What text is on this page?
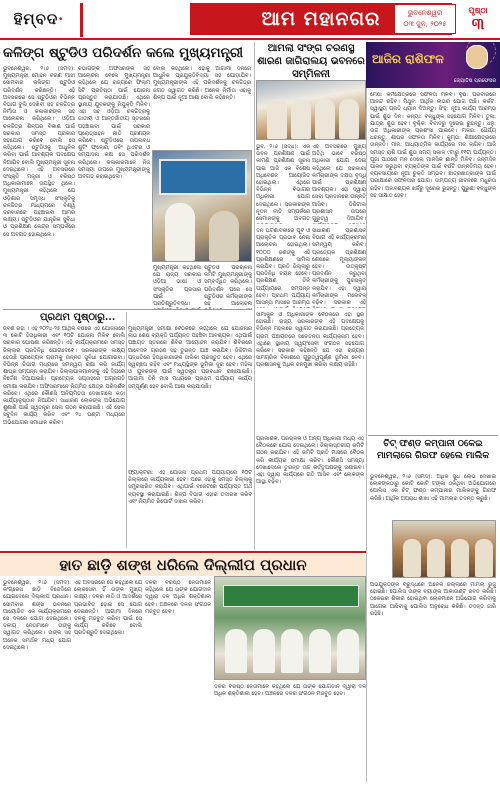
ହିମ୍ବଦ ·	ଆମ ମହାନଗର	ଭୁବନେଶ୍ୱର
୦୩ ଜୁନ, ୨୦୨୫
ପୃଷ୍ଠା
୩
କଳିଙ୍ଗ ଷ୍ଟୁଡିଓ ପରିଦର୍ଶନ କଲେ ମୁଖ୍ୟମନ୍ତ୍ରୀ
ଭୁବନେଶ୍ୱର, ୨।୬ (ସମିଦ): ମୁଖ୍ୟମନ୍ତ୍ରୀ ମୋହନ ଚରଣ ମାଝୀ ସୋମବାର କଳିଙ୍ଗ ଷ୍ଟୁଡିଓ ପରିଦର୍ଶନ କରିଛନ୍ତି। ଏହି ଅବସରରେ ସେ ଷ୍ଟୁଡିଓର ବିଭିନ୍ନ ବିଭାଗ ବୁଲି ଦେଖିବା ସହ ଚଳଚ୍ଚିତ୍ର ନିର୍ମାତା ଓ କଳାକାରଙ୍କ ସହ ଆଲୋଚନା କରିଥିଲେ। ଓଡ଼ିଆ ଚଳଚ୍ଚିତ୍ର ଶିଳ୍ପର ବିକାଶ ପାଇଁ ସରକାର ସମସ୍ତ ପ୍ରକାର ସହଯୋଗ କରିବେ ବୋଲି ସେ କହିଥିଲେ। ଷ୍ଟୁଡିଓକୁ ଆଧୁନିକ କରିବା ପାଇଁ ଆବଶ୍ୟକ ପଦକ୍ଷେପ ନିଆଯିବ ବୋଲି ମୁଖ୍ୟମନ୍ତ୍ରୀ ସୂଚନା ଦେଇଥିଲେ। ଏହି ଅବସରରେ ସଂସ୍କୃତି ମନ୍ତ୍ରୀ ଓ ବରିଷ୍ଠ ଅଧିକାରୀମାନେ ଉପସ୍ଥିତ ଥିଲେ। ମୁଖ୍ୟମନ୍ତ୍ରୀ କହିଥିଲେ ଯେ ଓଡ଼ିଶାର ସମୃଦ୍ଧ ସଂସ୍କୃତିକୁ ଚଳଚ୍ଚିତ୍ର ମାଧ୍ୟମରେ ବିଶ୍ୱ ଦରବାରରେ ପହଞ୍ଚାଇବା ଆମର ଲକ୍ଷ୍ୟ। ଷ୍ଟୁଡିଓର ଯାନ୍ତ୍ରିକ ସୁବିଧା ଓ ପ୍ରଶିକ୍ଷଣ କେନ୍ଦ୍ର ସମ୍ପର୍କରେ ସେ ଅବଗତ ହୋଇଥିଲେ।
ବିଭାଗିଙ୍କ ଅଫିସରଙ୍କ ସହ ଆଲୋଚନା ବେଳେ ମୁଖ୍ୟମନ୍ତ୍ରୀ କହିଥିଲେ ଯେ ରାଜ୍ୟରେ ଫିଲ୍ମ ସିଟି ପ୍ରତିଷ୍ଠା ପାଇଁ ଯୋଜନା ପ୍ରସ୍ତୁତ କରାଯାଉଛି। ଏଥିରେ ସ୍ଥାନୀୟ ଯୁବକଙ୍କୁ ନିଯୁକ୍ତି ମିଳିବ। ଏହା ସହ ଓଡ଼ିଆ ଚଳଚ୍ଚିତ୍ରକୁ ଜାତୀୟ ଓ ଆନ୍ତର୍ଜାତୀୟ ସ୍ତରରେ ପହଞ୍ଚାଇବା ପାଇଁ ସରକାର ପ୍ରୋତ୍ସାହନ ନୀତି ପ୍ରଣୟନ କରିବେ। ଷ୍ଟୁଡିଓରେ ଉପଲବ୍ଧ ଶୁଟିଂ ଫ୍ଲୋର, ଡବିଂ ଥିଏଟର ଓ ସମ୍ପାଦନା କକ୍ଷ ସେ ପରିଦର୍ଶନ କରିଥିଲେ। କଳାକାରମାନେ ନିଜ ସମସ୍ୟା ଉପରେ ମୁଖ୍ୟମନ୍ତ୍ରୀଙ୍କୁ ଅବଗତ କରାଇଥିଲେ।
ବୋଲି କହିଥିଲେ। ଏହାକୁ ଆଗାମୀ ଦିନରେ ଆଧୁନିକ ପ୍ରଯୁକ୍ତିବିଦ୍ୟା ସହ ଯୋଡ଼ାଯିବ। ମୁଖ୍ୟମନ୍ତ୍ରୀଙ୍କ ଏହି ପରିଦର୍ଶନକୁ ଚଳଚ୍ଚିତ୍ର ଜଗତ ସ୍ୱାଗତ କରିଛି। ଅନେକ ନିର୍ମାତା ଏହାକୁ ଶିଳ୍ପ ପାଇଁ ନୂଆ ଆଶା ବୋଲି କହିଛନ୍ତି।
ମୁଖ୍ୟମନ୍ତ୍ରୀ କହିଥିଲେ ଯେ ରାଜ୍ୟ ସରକାର ଓଡ଼ିଆ ଭାଷା ଓ ସଂସ୍କୃତିର ପ୍ରସାର ପାଇଁ ପ୍ରତିଶ୍ରୁତିବଦ୍ଧ।
ଷ୍ଟୁଡିଓ ପରିଚାଳନା କମିଟି ମୁଖ୍ୟମନ୍ତ୍ରୀଙ୍କୁ ସମ୍ବର୍ଦ୍ଧିତ କରିଥିଲେ। ପରିଦର୍ଶନ ପରେ ସେ ଷ୍ଟୁଡିଓର କର୍ମଚାରୀଙ୍କ ସହ ଆଲୋଚନା
ପ୍ରଥମ ପୃଷ୍ଠାରୁ...
ଜିବଣ ରିହା । ଏହି ୨୦୨୪-୨୫ ଆର୍ଥିକ ବର୍ଷରେ ଏହି ଯୋଜନାରେ ୩ କୋଟି ହିତାଧିକାରୀ ଏବଂ ୧୦ଟି ଯୋଜନା ମିଳିବ ବୋଲି ସରକାର ଘୋଷଣା କରିଛନ୍ତି। ଏହି କାର୍ଯ୍ୟକ୍ରମରେ ସମସ୍ତ ଜିଲ୍ଲାର ପ୍ରତିନିଧି ଯୋଗଦେବେ। ସରକାରଙ୍କ ଲକ୍ଷ୍ୟ ହେଉଛି ପ୍ରତ୍ୟେକ ଗ୍ରାମକୁ ଉନ୍ନତ ସୁବିଧା ଯୋଗାଇବା। ବିଭିନ୍ନ ବିଭାଗ ମଧ୍ୟରେ ସମନ୍ୱୟ ରକ୍ଷା କରି କାର୍ଯ୍ୟ ଶୀଘ୍ର ସମ୍ପନ୍ନ କରାଯିବ। ଜିଲ୍ଲାପାଳମାନଙ୍କୁ ଏହି ଦିଗରେ ନିର୍ଦ୍ଦେଶ ଦିଆଯାଇଛି। ପ୍ରତ୍ୟେକ ସପ୍ତାହରେ ଅଗ୍ରଗତି ସମୀକ୍ଷା କରାଯିବ। ଅଫିସରମାନେ ନିୟମିତ କ୍ଷେତ୍ର ପରିଦର୍ଶନ କରିବେ। ଏଥିରେ କୌଣସି ଅନିୟମିତତା ଦେଖାଗଲେ କଡ଼ା କାର୍ଯ୍ୟାନୁଷ୍ଠାନ ନିଆଯିବ। ସାଧାରଣ ଲୋକଙ୍କ ଅଭିଯୋଗ ଶୁଣାଣି ପାଇଁ ସ୍ୱତନ୍ତ୍ର ସେଲ ଗଠନ କରାଯାଇଛି। ଏହି ସେଲ ସବୁଦିନ କାର୍ଯ୍ୟ କରିବ ଏବଂ ୨୪ ଘଣ୍ଟା ମଧ୍ୟରେ ଅଭିଯୋଗର ସମାଧାନ କରିବ।
ମୁଖ୍ୟମନ୍ତ୍ରୀ ସମୀକ୍ଷା ବୈଠକରେ କହିଥିଲେ ଯେ ଯୋଜନାର ଲାଭ ଶେଷ ବ୍ୟକ୍ତି ପର୍ଯ୍ୟନ୍ତ ପହଞ୍ଚିବା ଆବଶ୍ୟକ। ଏଥିପାଇଁ ପଞ୍ଚାୟତ ସ୍ତରରେ ଶିବିର ଆୟୋଜନ କରାଯିବ। ଶିବିରରେ ଆବେଦନ ଗ୍ରହଣ ସହ ତୁରନ୍ତ ଯାଞ୍ଚ କରାଯିବ। ଡିଜିଟାଲ ପଦ୍ଧତିରେ ହିତାଧିକାରୀଙ୍କ ତାଲିକା ପ୍ରସ୍ତୁତ ହେବ। ଏଥିରେ ସ୍ୱଚ୍ଛତା ରହିବ ଏବଂ ମଧ୍ୟସ୍ଥିଙ୍କ ଭୂମିକା ଦୂର ହେବ। ମହିଳା ଓ ଯୁବକଙ୍କ ପାଇଁ ସ୍ୱତନ୍ତ୍ର ପ୍ରାବଧାନ ରଖାଯାଇଛି। ଆଗାମୀ ତିନି ମାସ ମଧ୍ୟରେ ପ୍ରଥମ ପର୍ଯ୍ୟାୟ କାର୍ଯ୍ୟ ସମ୍ପୂର୍ଣ୍ଣ ହେବ ବୋଲି ଆଶା କରାଯାଉଛି।
ଫ୍ୟାକ୍ଟରୀ: ଏହି ଯୋଜନା ପ୍ରଥମ ପର୍ଯ୍ୟାୟରେ ୧୦ଟି ଜିଲ୍ଲାରେ କାର୍ଯ୍ୟକାରୀ ହେବ। ପରେ ଏହାକୁ ସମସ୍ତ ଜିଲ୍ଲାକୁ ସମ୍ପ୍ରସାରିତ କରାଯିବ। ଏଥିପାଇଁ ବଜେଟରେ ପର୍ଯ୍ୟାପ୍ତ ଅର୍ଥ ବ୍ୟବସ୍ଥା କରାଯାଇଛି। ଶିଳ୍ପ ବିଭାଗ ଏହାର ତଦାରଖ କରିବ ଏବଂ ନିୟମିତ ରିପୋର୍ଟ ଦାଖଲ କରିବ।
ସୀମାକୁଳ ଓ ଅଧିକାରୀଙ୍କ ବୈଠକରେ ଏହା ସ୍ଥିର ହୋଇଛି। ରାଜ୍ୟ ସରକାରଙ୍କ ଏହି ପଦକ୍ଷେପକୁ ବିଭିନ୍ନ ମହଲରେ ସ୍ୱାଗତ କରାଯାଇଛି। ପ୍ରତ୍ୟେକ ଗ୍ରାମ ପଞ୍ଚାୟତରେ ସଚେତନତା କାର୍ଯ୍ୟକ୍ରମ ହେବ। ଏଥିରେ ସ୍ଥାନୀୟ ସ୍ୱୟଂସେବୀ ସଂଗଠନ ସହଯୋଗ କରିବେ। ସରକାର କହିଛନ୍ତି ଯେ ଏହା ରାଜ୍ୟର ସାମଗ୍ରିକ ବିକାଶରେ ଗୁରୁତ୍ୱପୂର୍ଣ୍ଣ ଭୂମିକା ନେବ। ପ୍ରଶାସନକୁ ଅଧିକ ଜନମୁଖୀ କରିବା ଲକ୍ଷ୍ୟ ରହିଛି।
ପ୍ରକାଶକ, ପରିଚାଳକ ଓ ଅନ୍ୟ ଅଧିକାରୀ ମଧ୍ୟ ଏହି ବୈଠକରେ ଯୋଗ ଦେଇଥିଲେ। ଜିଲ୍ଲାସ୍ତରୀୟ କମିଟି ଗଠନ କରାଯିବ। ଏହି କମିଟି ପ୍ରତି ମାସରେ ବୈଠକ କରି କାର୍ଯ୍ୟର ସମୀକ୍ଷା କରିବ। କୌଣସି ସମସ୍ୟା ଦେଖାଦେଲେ ତୁରନ୍ତ ଉଚ୍ଚ କର୍ତ୍ତୃପକ୍ଷଙ୍କୁ ଜଣାଇବ। ଏହା ଦ୍ୱାରା କାର୍ଯ୍ୟରେ ଗତି ଆସିବ ଏବଂ ଲୋକଙ୍କ ଆସ୍ଥା ବଢ଼ିବ।
ହାତ ଛାଡ଼ି ଶଙ୍ଖ ଧରିଲେ ଦିଲ୍ଲୀପ ପ୍ରଧାନ
ଭୁବନେଶ୍ୱର, ୨।୬ (ସମିଦ): କଂଗ୍ରେସ ଛାଡ଼ି ବିଜେଡିରେ ଯୋଗଦେଲେ ଦିଲ୍ଲୀପ ପ୍ରଧାନ। ସୋମବାର ଶଙ୍ଖ ଭବନରେ ଆୟୋଜିତ ଏକ କାର୍ଯ୍ୟକ୍ରମରେ ସେ ଦଳରେ ଯୋଗ ଦେଇଥିଲେ। ଦଳୀୟ ନେତାମାନେ ତାଙ୍କୁ ସ୍ୱାଗତ କରିଥିଲେ। ତାଙ୍କ ସହ ଅନେକ ସମର୍ଥକ ମଧ୍ୟ ଯୋଗ ଦେଇଥିଲେ।
ଏହି ଅବସରରେ ସେ କହିଥିଲେ ଯେ ଲୋକସେବା ହିଁ ତାଙ୍କ ମୁଖ୍ୟ ଲକ୍ଷ୍ୟ। ଦଳର ନୀତି ଓ ଆଦର୍ଶରେ ପ୍ରଭାବିତ ହୋଇ ସେ ଯୋଗ ଦେଇଛନ୍ତି। ଆଗାମୀ ଦିନରେ ଦଳକୁ ମଜବୁତ କରିବା ପାଇଁ ସେ କାର୍ଯ୍ୟ କରିବେ ବୋଲି ପ୍ରତିଶ୍ରୁତି ଦେଇଥିଲେ।
ଦଳର ବରିଷ୍ଠ ନେତାମାନେ କହିଥିଲେ ଯେ ତାଙ୍କ ଯୋଗଦାନ ଦ୍ୱାରା ଦଳ ଅଧିକ ଶକ୍ତିଶାଳୀ ହେବ। ଅଞ୍ଚଳରେ ଦଳର ସଂଗଠନ ମଜବୁତ ହେବ।
ଦଳର ବରିଷ୍ଠ ନେତାମାନେ କହିଥିଲେ ଯେ ତାଙ୍କ ଯୋଗଦାନ ଦ୍ୱାରା ଦଳ ଅଧିକ ଶକ୍ତିଶାଳୀ ହେବ। ଅଞ୍ଚଳରେ ଦଳର ସଂଗଠନ ମଜବୁତ ହେବ।
ଆମଲା ସଂଙ୍ଗ ଚରଣସ୍ଥ ଶାରଣ ଜାଗିରାଲୟ ଭବନରେ ସମ୍ମିଳନୀ
ଭୁବ, ୨।୬ (ସିଦ୍ଧ): ଏକ ଭବନ ପ୍ରଶିକ୍ଷଣ ପାଇଁ କାମଣି ପ୍ରଶିକ୍ଷଣ ସୂଚନା ପାଇ ଆଜି ଏକ ବିଶେଷ ଅଧିବେଶନ ଆୟୋଜିତ ହୋଇଥିଲା। ଏଥିରେ ବିଭିନ୍ନ ବିଭାଗର ଅଧିକାରୀ ଯୋଗ ଦେଇଥିଲେ। ସରକାରଙ୍କ ନୂତନ ନୀତି ସମ୍ପର୍କରେ ସେମାନଙ୍କୁ ଅବଗତ
ଏହି ଅବସରରେ ମୁଖ୍ୟ ଅତିଥି ଭାବେ ବରିଷ୍ଠ ଅଧିକାରୀ ଯୋଗ ଦେଇ କହିଥିଲେ ଯେ ସରକାରୀ କର୍ମଚାରୀଙ୍କ ଦକ୍ଷତା ବୃଦ୍ଧି ପାଇଁ ପ୍ରଶିକ୍ଷଣ ଆବଶ୍ୟକ। ଏହା ଦ୍ୱାରା ସେବା ପ୍ରଦାନରେ ଉନ୍ନତି ଆସିବ। ଡିଜିଟାଲ ପ୍ରଶାସନ ଉପରେ ଗୁରୁତ୍ୱ ଦିଆଯିବ।
ଦିନ ଘଟଣାବଳୀରେ ପୂର୍ବ ଓ ପ୍ରାକୃତିକ ପ୍ରଭାବ ନେଇ ଆଲୋଚନା ହୋଇଥିଲା। ୧୦୦୦ ଜଣଙ୍କୁ ଏହି ପ୍ରଶିକ୍ଷଣରେ ସାମିଲ କରାଯିବ। ପ୍ରତି ଜିଲ୍ଲାରୁ ପ୍ରତିନିଧି ଚୟନ ହେବେ। ପ୍ରଶିକ୍ଷଣ ତିନି ପର୍ଯ୍ୟାୟରେ ସମ୍ପନ୍ନ ହେବ। ପ୍ରଥମ ପର୍ଯ୍ୟାୟ ଆସନ୍ତା ମାସରେ ଆରମ୍ଭ
ସାଧାରଣ ପ୍ରଶାସନ ବିଭାଗ ଏହି କାର୍ଯ୍ୟକ୍ରମର ସମନ୍ୱୟ କରିବ। ପ୍ରତ୍ୟେକ ପ୍ରଶିକ୍ଷଣ ଶେଷରେ ମୂଲ୍ୟାଙ୍କନ ହେବ। ଉତ୍କୃଷ୍ଟ ପ୍ରଦର୍ଶନ କରୁଥିବା କର୍ମଚାରୀଙ୍କୁ ପୁରସ୍କୃତ କରାଯିବ। ଏହା ଦ୍ୱାରା କର୍ମଚାରୀଙ୍କ ମନୋବଳ ବଢ଼ିବ। ସରକାର ଏହି
ଆଜିର ରାଶିଫଳ
ଜ୍ୟୋତିଷ ପ୍ରଫେସର
ମେଷ: କର୍ମକ୍ଷେତ୍ରରେ ସଫଳତା ମିଳିବ। ବୃଷ: ପରିବାରରେ ଆନନ୍ଦ ରହିବ। ମିଥୁନ: ଆର୍ଥିକ ଲାଭର ଯୋଗ ଅଛି। କର୍କଟ: ସ୍ୱାସ୍ଥ୍ୟ ପ୍ରତି ଧ୍ୟାନ ଦିଅନ୍ତୁ। ସିଂହ: ନୂଆ କାର୍ଯ୍ୟ ଆରମ୍ଭ ପାଇଁ ଶୁଭ ଦିନ। କନ୍ୟା: ବନ୍ଧୁଙ୍କ ସହଯୋଗ ମିଳିବ। ତୁଳା: ଯାତ୍ରା ଶୁଭ ହେବ। ବୃଶ୍ଚିକ: ବିବାଦରୁ ଦୂରେଇ ରୁହନ୍ତୁ। ଧନୁ: ଉଚ୍ଚ ଅଧିକାରୀଙ୍କ ପ୍ରଶଂସା ପାଇବେ। ମକର: ଧୈର୍ଯ୍ୟ ଧରନ୍ତୁ, ଶୀଘ୍ର ସଫଳତା ମିଳିବ। କୁମ୍ଭ: ଶିକ୍ଷାକ୍ଷେତ୍ରରେ ଉନ୍ନତି। ମୀନ: ଆଧ୍ୟାତ୍ମିକ କାର୍ଯ୍ୟରେ ମନ ଲାଗିବ। ଆଜି ସମସ୍ତ ରାଶି ପାଇଁ ଶୁଭ ସମୟ ସକାଳ ୯ଟାରୁ ୧୧ଟା ପର୍ଯ୍ୟନ୍ତ। ପୂଜା ପାଠରେ ମନ ଦେଲେ ମାନସିକ ଶାନ୍ତି ମିଳିବ। ଜନ୍ମଦିନ ପାଳନ କରୁଥିବା ବ୍ୟକ୍ତିଙ୍କ ପାଇଁ ବର୍ଷଟି ଉନ୍ନତିମୟ ହେବ। ବ୍ୟବସାୟରେ ନୂଆ ଚୁକ୍ତି ସମ୍ଭବ। ଛାତ୍ରଛାତ୍ରୀଙ୍କ ପାଇଁ ପରୀକ୍ଷାରେ ସଫଳତାର ଯୋଗ। ଦାମ୍ପତ୍ୟ ଜୀବନରେ ମଧୁରତା ରହିବ। ଅନାବଶ୍ୟକ ଖର୍ଚ୍ଚରୁ ଦୂରେଇ ରୁହନ୍ତୁ। ପୁରୁଣା ବନ୍ଧୁଙ୍କ ସହ ସାକ୍ଷାତ ହେବ।
ଚିଟ୍ ଫଣ୍ଡ କମ୍ପାନୀ ଠକେଇ ମାମଲାରେ ଗିରଫ ହେଲେ ମାଲିକ
ଭୁବନେଶ୍ୱର, ୨।୬ (ସମିଦ): ଅଧିକ ସୁଧ ଲୋଭ ଦେଖାଇ ଲୋକଙ୍କଠାରୁ କୋଟି କୋଟି ଟଙ୍କା ଠକିଥିବା ଅଭିଯୋଗରେ ପୋଲିସ ଏକ ଚିଟ୍ ଫଣ୍ଡ କମ୍ପାନୀର ମାଲିକଙ୍କୁ ଗିରଫ କରିଛି। ଆର୍ଥିକ ଅପରାଧ ଶାଖା ଏହି ମାମଲାର ତଦନ୍ତ କରୁଛି।
ଅଭିଯୁକ୍ତଙ୍କ ବିରୁଦ୍ଧରେ ଅନେକ ଜିଲ୍ଲାରେ ମାମଲା ରୁଜୁ ହୋଇଛି। ପୋଲିସ ତାଙ୍କ ବ୍ୟାଙ୍କ ଆକାଉଣ୍ଟ ଜବତ କରିଛି। ଠକେଇର ଶିକାର ହୋଇଥିବା ଲୋକମାନେ ଅଭିଯୋଗ କରିବାକୁ ଆଗେଇ ଆସିବାକୁ ପୋଲିସ ଅନୁରୋଧ କରିଛି। ତଦନ୍ତ ଜାରି ରହିଛି।
